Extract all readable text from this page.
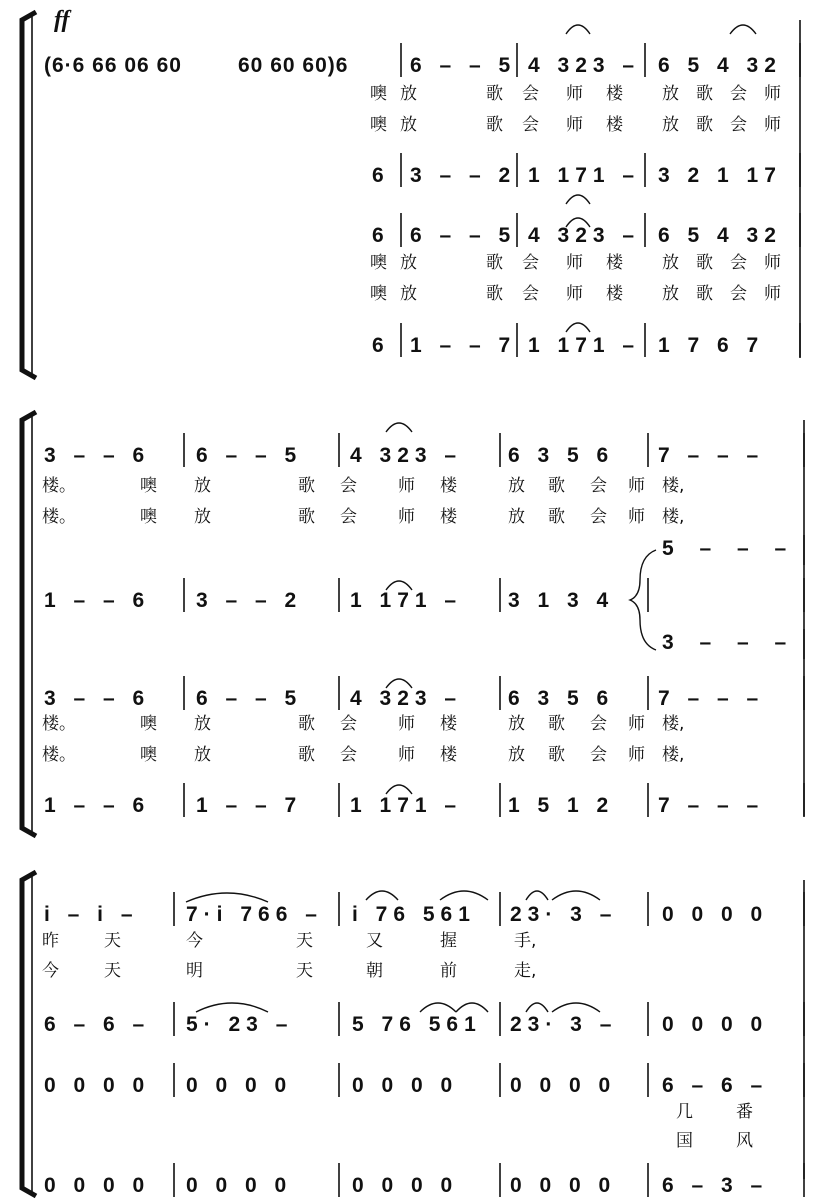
(6·6 66 06 60	60 60 60)6	6 – – 5 4 323 – 6 5 4 32
噢 放	歌 会 师 楼 放 歌 会 师
噢 放	歌 会 师 楼 放 歌 会 师
6 3 – – 2 1 171 – 3 2 1 17
6 6 – – 5 4 323 – 6 5 4 32
噢 放	歌 会 师 楼 放 歌 会 师
噢 放	歌 会 师 楼 放 歌 会 师
6 1 – – 7 1 171 – 1 7 6 7
3 – – 6 6 – – 5 4 323 – 6 3 5 6 7 – – –
楼。	噢 放	歌 会 师 楼	放 歌 会 师 楼,
楼。	噢 放	歌 会 师 楼	放 歌 会 师 楼,
1 – – 6 3 – – 2 1 171 – 3 1 3 4
5 – – –
3 – – –
3 – – 6 6 – – 5 4 323 – 6 3 5 6 7 – – –
楼。	噢 放	歌 会 师 楼	放 歌 会 师 楼,
楼。	噢 放	歌 会 师 楼	放 歌 会 师 楼,
1 – – 6 1 – – 7 1 171 – 1 5 1 2 7 – – –
i – i – 7·i 766 – i 76 561 23· 3 – 0 0 0 0
昨	天	今	天	又	握	手,
今	天	明	天	朝	前	走,
6 – 6 – 5· 23 –	5 76 561 23· 3 – 0 0 0 0
0 0 0 0 0 0 0 0	0 0 0 0 0 0 0 0 6 – 6 –
几	番
国	风
0 0 0 0 0 0 0 0	0 0 0 0 0 0 0 0 6 – 3 –
ff
